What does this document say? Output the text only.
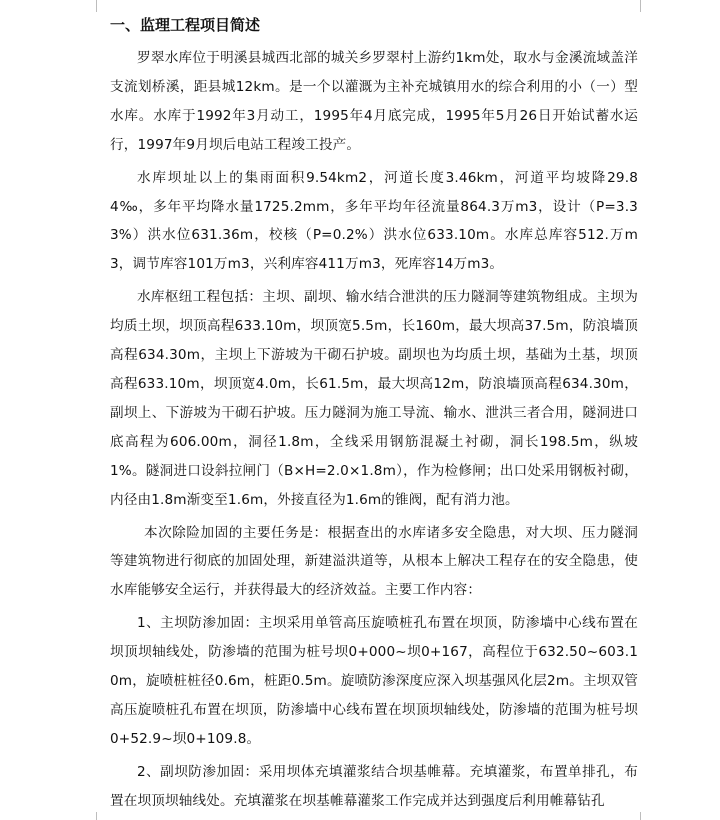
一、监理工程项目简述

罗翠水库位于明溪县城西北部的城关乡罗翠村上游约1km处，取水与金溪流域盖洋支流划桥溪，距县城12km。是一个以灌溉为主补充城镇用水的综合利用的小（一）型水库。水库于1992年3月动工，1995年4月底完成，1995年5月26日开始试蓄水运行，1997年9月坝后电站工程竣工投产。

水库坝址以上的集雨面积9.54km2，河道长度3.46km，河道平均坡降29.84‰，多年平均降水量1725.2mm，多年平均年径流量864.3万m3，设计（P=3.33%）洪水位631.36m，校核（P=0.2%）洪水位633.10m。水库总库容512.万m3，调节库容101万m3，兴利库容411万m3，死库容14万m3。

水库枢纽工程包括：主坝、副坝、输水结合泄洪的压力隧洞等建筑物组成。主坝为均质土坝，坝顶高程633.10m，坝顶宽5.5m，长160m，最大坝高37.5m，防浪墙顶高程634.30m，主坝上下游坡为干砌石护坡。副坝也为均质土坝，基础为土基，坝顶高程633.10m，坝顶宽4.0m，长61.5m，最大坝高12m，防浪墙顶高程634.30m，副坝上、下游坡为干砌石护坡。压力隧洞为施工导流、输水、泄洪三者合用，隧洞进口底高程为606.00m，洞径1.8m，全线采用钢筋混凝土衬砌，洞长198.5m，纵坡1%。隧洞进口设斜拉闸门（B×H=2.0×1.8m），作为检修闸；出口处采用钢板衬砌，内径由1.8m渐变至1.6m，外接直径为1.6m的锥阀，配有消力池。

本次除险加固的主要任务是：根据查出的水库诸多安全隐患，对大坝、压力隧洞等建筑物进行彻底的加固处理，新建溢洪道等，从根本上解决工程存在的安全隐患，使水库能够安全运行，并获得最大的经济效益。主要工作内容：

1、主坝防渗加固：主坝采用单管高压旋喷桩孔布置在坝顶，防渗墙中心线布置在坝顶坝轴线处，防渗墙的范围为桩号坝0+000~坝0+167，高程位于632.50~603.10m，旋喷桩桩径0.6m，桩距0.5m。旋喷防渗深度应深入坝基强风化层2m。主坝双管高压旋喷桩孔布置在坝顶，防渗墙中心线布置在坝顶坝轴线处，防渗墙的范围为桩号坝0+52.9~坝0+109.8。

2、副坝防渗加固：采用坝体充填灌浆结合坝基帷幕。充填灌浆，布置单排孔，布置在坝顶坝轴线处。充填灌浆在坝基帷幕灌浆工作完成并达到强度后利用帷幕钻孔
